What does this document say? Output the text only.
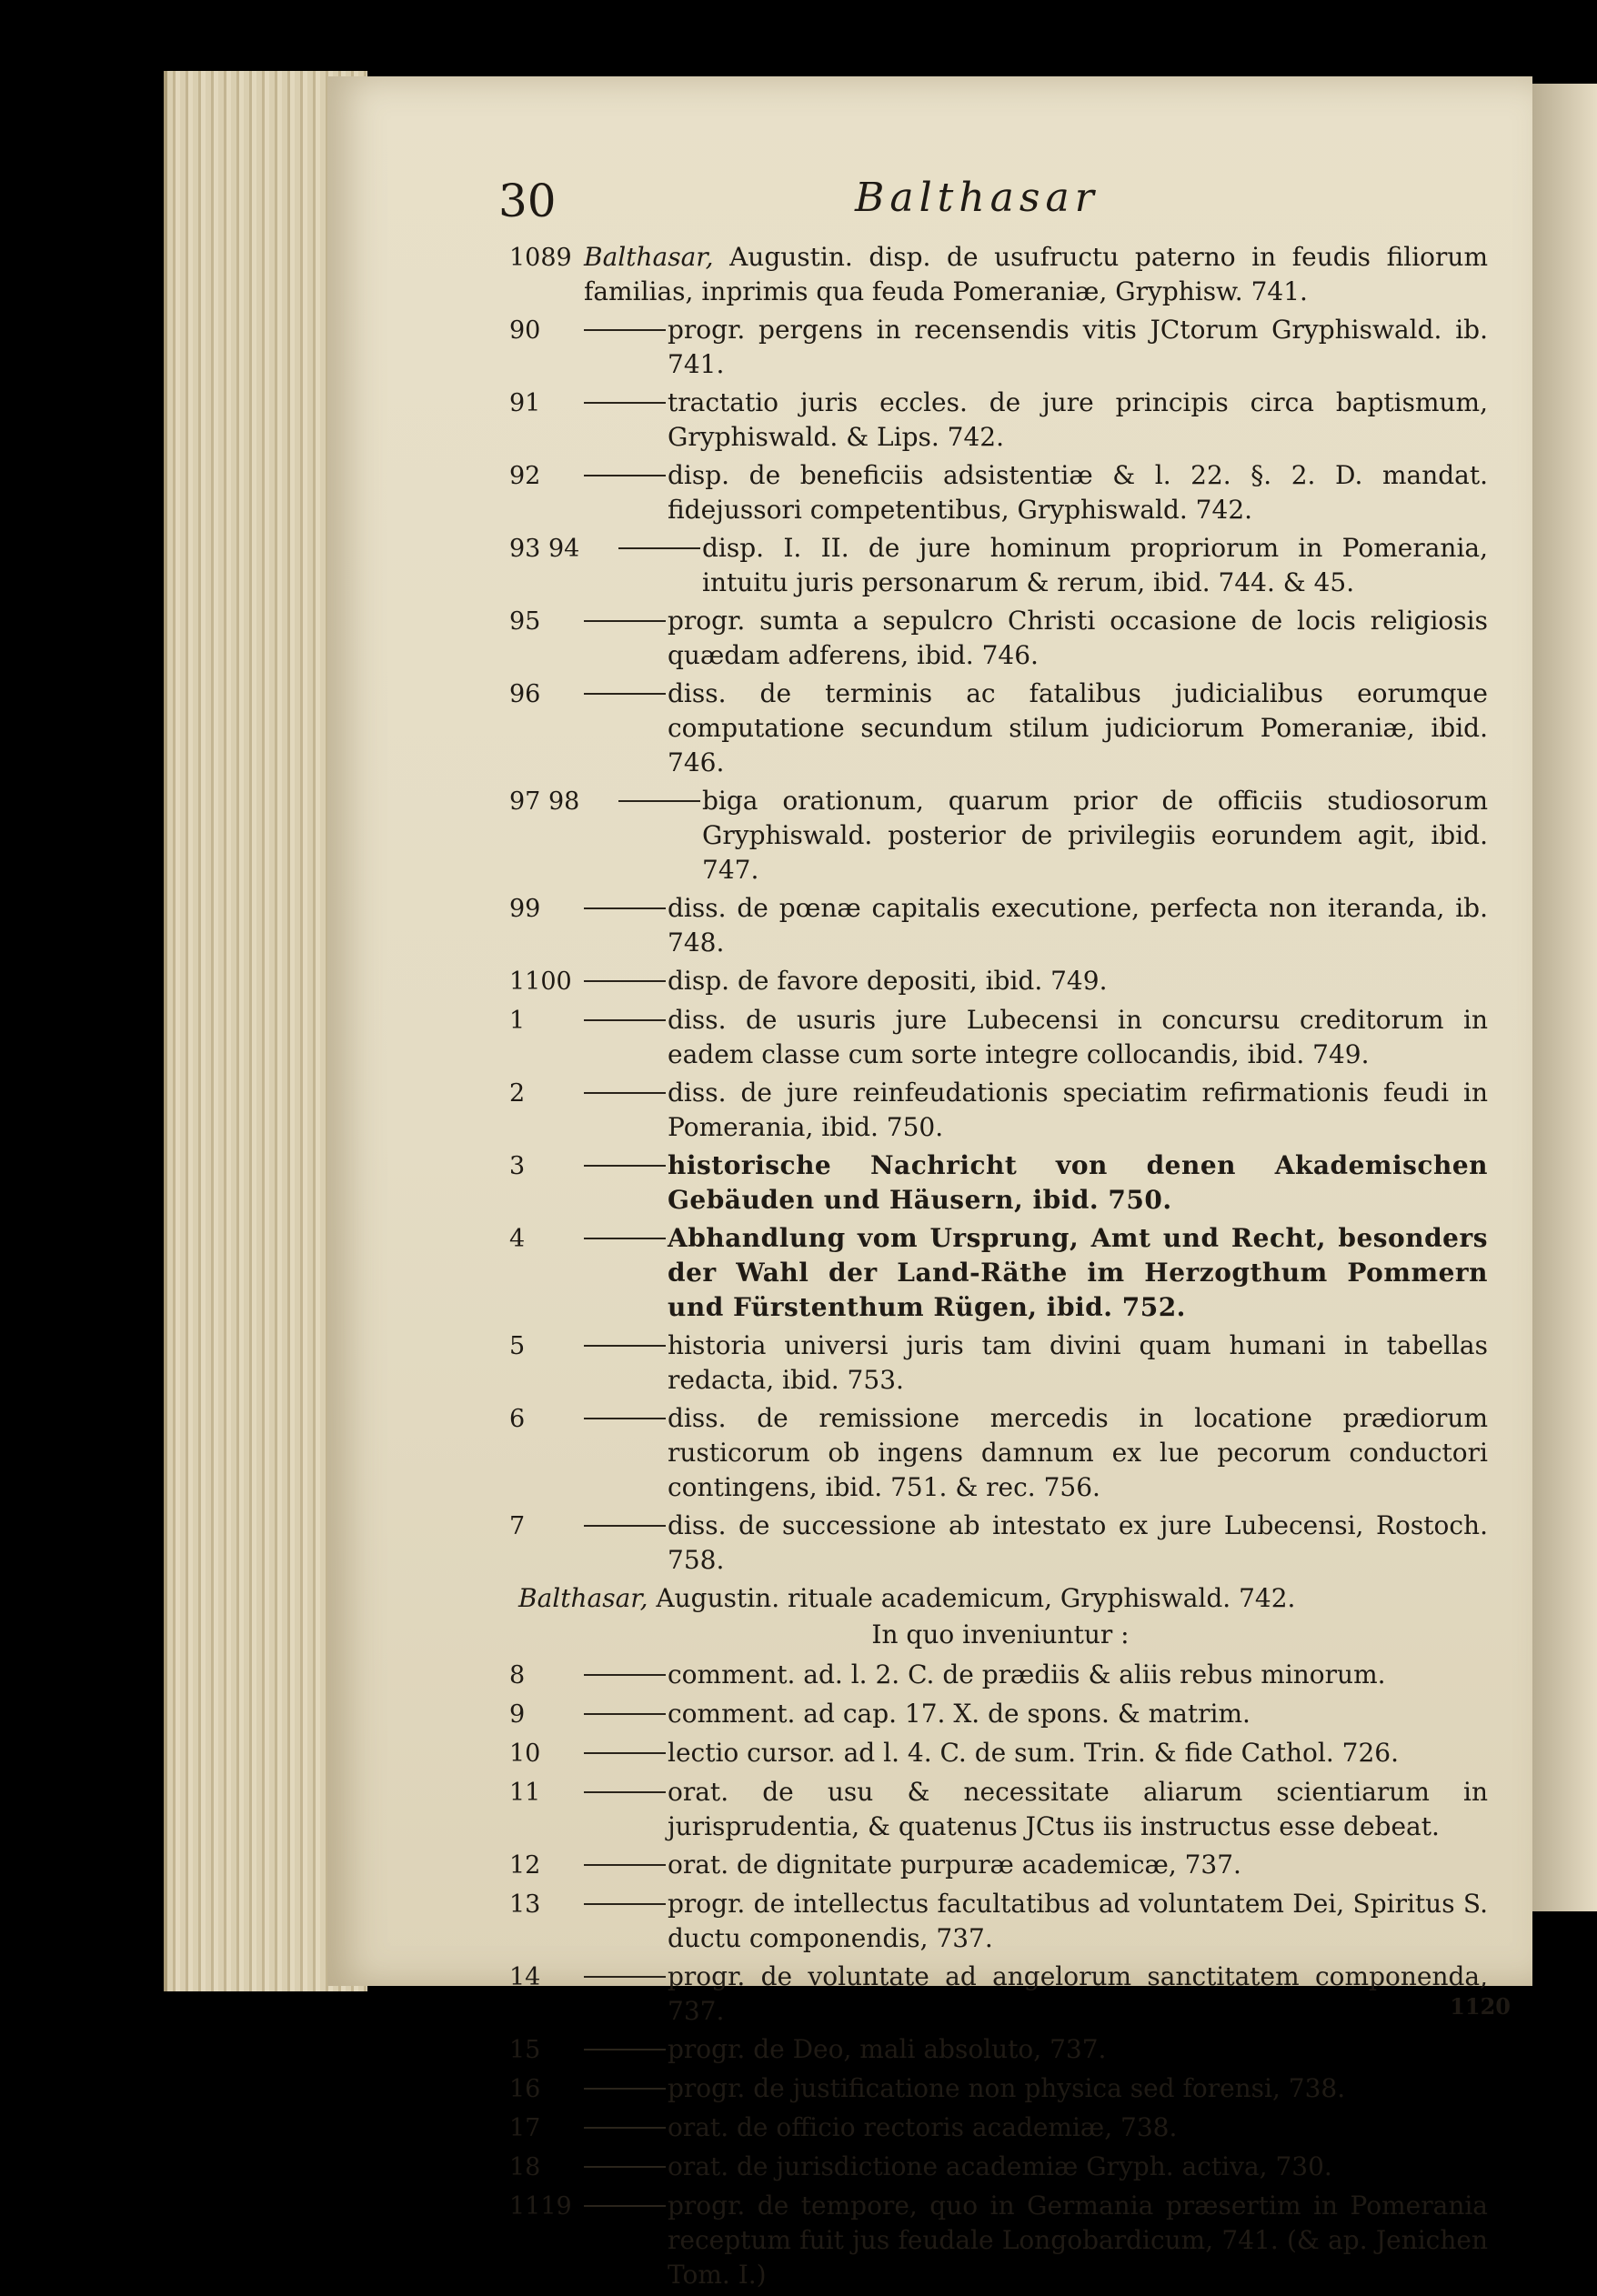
30	Balthasar
1089 Balthasar, Augustin. disp. de usufructu paterno in feudis filiorum familias, inprimis qua feuda Pomeraniæ, Gryphisw. 741.
90	progr. pergens in recensendis vitis JCtorum Gryphiswald. ib. 741.
91	tractatio juris eccles. de jure principis circa baptismum, Gryphiswald. & Lips. 742.
92	disp. de beneficiis adsistentiæ & l. 22. §. 2. D. mandat. fidejussori competentibus, Gryphiswald. 742.
93 94	disp. I. II. de jure hominum propriorum in Pomerania, intuitu juris personarum & rerum, ibid. 744. & 45.
95	progr. sumta a sepulcro Christi occasione de locis religiosis quædam adferens, ibid. 746.
96	diss. de terminis ac fatalibus judicialibus eorumque computatione secundum stilum judiciorum Pomeraniæ, ibid. 746.
97 98	biga orationum, quarum prior de officiis studiosorum Gryphiswald. posterior de privilegiis eorundem agit, ibid. 747.
99	diss. de pœnæ capitalis executione, perfecta non iteranda, ib. 748.
1100	disp. de favore depositi, ibid. 749.
1	diss. de usuris jure Lubecensi in concursu creditorum in eadem classe cum sorte integre collocandis, ibid. 749.
2	diss. de jure reinfeudationis speciatim refirmationis feudi in Pomerania, ibid. 750.
3	historische Nachricht von denen Akademischen Gebäuden und Häusern, ibid. 750.
4	Abhandlung vom Ursprung, Amt und Recht, besonders der Wahl der Land-Räthe im Herzogthum Pommern und Fürstenthum Rügen, ibid. 752.
5	historia universi juris tam divini quam humani in tabellas redacta, ibid. 753.
6	diss. de remissione mercedis in locatione prædiorum rusticorum ob ingens damnum ex lue pecorum conductori contingens, ibid. 751. & rec. 756.
7	diss. de successione ab intestato ex jure Lubecensi, Rostoch. 758.
Balthasar, Augustin. rituale academicum, Gryphiswald. 742.
In quo inveniuntur :
8	comment. ad. l. 2. C. de prædiis & aliis rebus minorum.
9	comment. ad cap. 17. X. de spons. & matrim.
10	lectio cursor. ad l. 4. C. de sum. Trin. & fide Cathol. 726.
11	orat. de usu & necessitate aliarum scientiarum in jurisprudentia, & quatenus JCtus iis instructus esse debeat.
12	orat. de dignitate purpuræ academicæ, 737.
13	progr. de intellectus facultatibus ad voluntatem Dei, Spiritus S. ductu componendis, 737.
14	progr. de voluntate ad angelorum sanctitatem componenda, 737.
15	progr. de Deo, mali absoluto, 737.
16	progr. de justificatione non physica sed forensi, 738.
17	orat. de officio rectoris academiæ, 738.
18	orat. de jurisdictione academiæ Gryph. activa, 730.
1119	progr. de tempore, quo in Germania præsertim in Pomerania receptum fuit jus feudale Longobardicum, 741. (& ap. Jenichen Tom. I.)
1120
